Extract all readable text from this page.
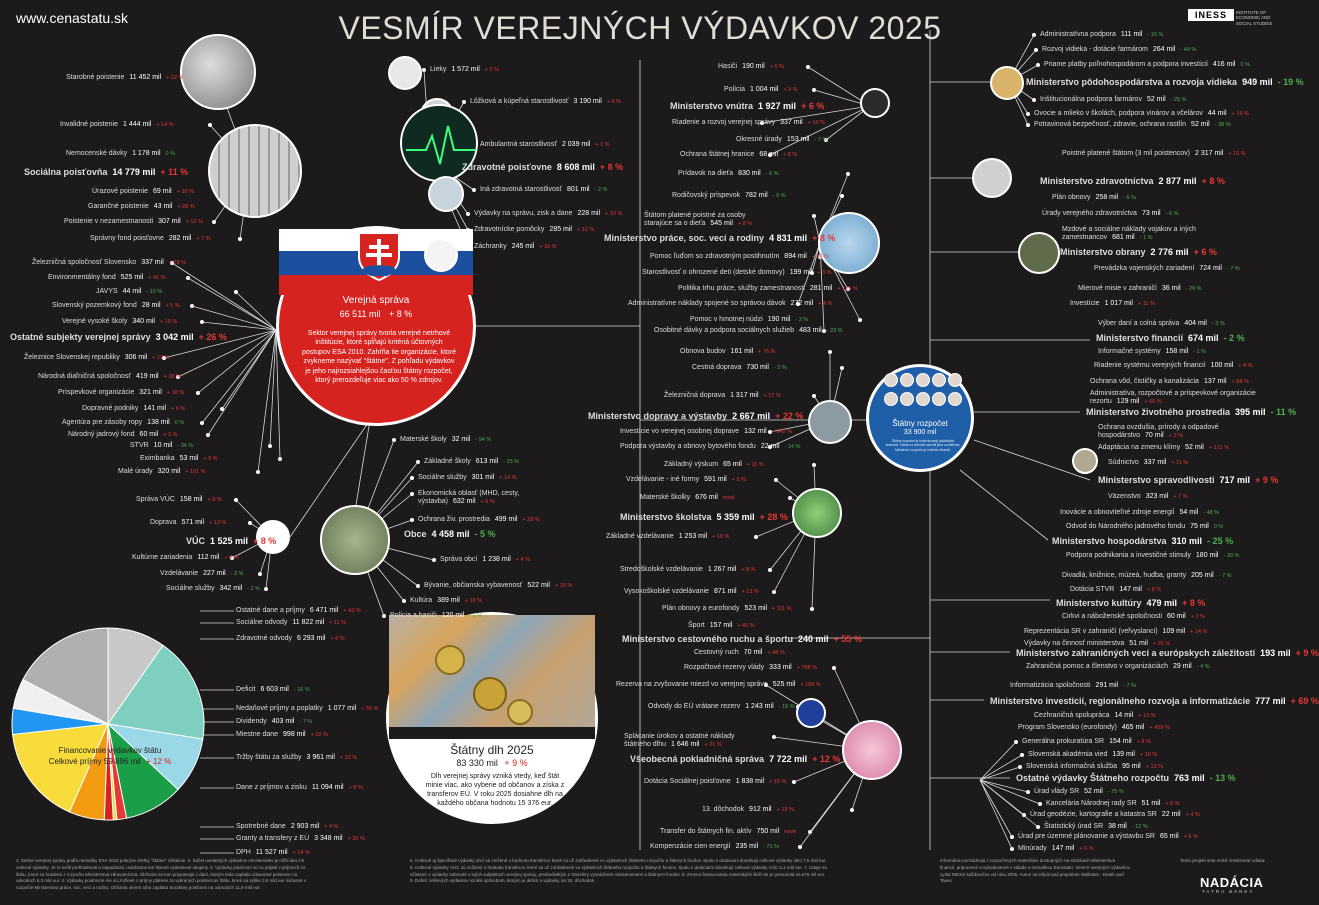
www.cenastatu.sk	VESMÍR VEREJNÝCH VÝDAVKOV 2025	INESS	INSTITUTE OF ECONOMIC AND SOCIAL STUDIES
Verejná správa
66 511 mil + 8 %
Sektor verejnej správy tvoria verejné netrhové inštitúcie, ktoré spĺňajú kritériá účtovných postupov ESA 2010. Zahŕňa tie organizácie, ktoré zvykneme nazývať "štátne". Z pohľadu výdavkov je jeho najrozsiahlejšou časťou štátny rozpočet, ktorý prerozdeľuje viac ako 50 % zdrojov.
Štátny rozpočet
33 900 mil
Štátny rozpočet je kontrolovaný politickými stranami. Vláda na schôdzi schváli jeho rozdelenie. Ministrom rozpočtu je minister financií.
Štátny dlh 2025
83 330 mil + 9 %
Dlh verejnej správy vzniká vtedy, keď štát minie viac, ako vyberie od občanov a získa z transferov EÚ. V roku 2025 dosiahne dlh na každého občana hodnotu 15 376 eur.
Financovanie výdavkov štátu
Celkové príjmy 59 896 mil + 12 %
Starobné poistenie 11 452 mil + 12 %
Invalidné poistenie 1 444 mil + 14 %
Nemocenské dávky 1 178 mil 0 %
Úrazové poistenie 69 mil + 10 %
Garančné poistenie 43 mil + 28 %
Poistenie v nezamestnanosti 307 mil + 12 %
Správny fond poisťovne 282 mil + 7 %
Sociálna poisťovňa 14 779 mil + 11 %
Lieky 1 572 mil + 5 %
Lôžková a kúpeľná starostlivosť 3 190 mil + 8 %
Ambulantná starostlivosť 2 039 mil + 1 %
Iná zdravotná starostlivosť 801 mil - 2 %
Výdavky na správu, zisk a dane 228 mil + 10 %
Zdravotnícke pomôcky 285 mil + 12 %
Záchranky 245 mil + 16 %
Zdravotné poisťovne 8 608 mil + 8 %
Železničná spoločnosť Slovensko 337 mil + 28 %
Environmentálny fond 525 mil + 41 %
JAVYS 44 mil - 10 %
Slovenský pozemkový fond 28 mil + 5 %
Verejné vysoké školy 340 mil + 10 %
Železnice Slovenskej republiky 306 mil + 12 %
Národná diaľničná spoločnosť 419 mil + 28 %
Príspevkové organizácie 321 mil + 18 %
Dopravné podniky 141 mil + 6 %
Agentúra pre zásoby ropy 138 mil 0 %
Národný jadrový fond 60 mil + 2 %
STVR 10 mil - 34 %
Eximbanka 53 mil + 3 %
Malé úrady 320 mil + 101 %
Ostatné subjekty verejnej správy 3 042 mil + 26 %
Správa VÚC 158 mil + 8 %
Doprava 571 mil + 13 %
Kultúrne zariadenia 112 mil + 8 %
Vzdelávanie 227 mil - 2 %
Sociálne služby 342 mil - 2 %
VÚC 1 525 mil + 8 %
Materské školy 32 mil - 94 %
Základné školy 613 mil - 25 %
Sociálne služby 301 mil + 14 %
Ekonomická oblasť (MHD, cesty, výstavba) 632 mil + 6 %
Ochrana živ. prostredia 499 mil + 28 %
Správa obcí 1 238 mil + 4 %
Bývanie, občianska vybavenosť 522 mil + 15 %
Kultúra 389 mil + 18 %
Polícia a hasiči 120 mil - 2 %
Obce 4 458 mil - 5 %
Ostatné dane a príjmy 6 471 mil + 43 %
Sociálne odvody 11 822 mil + 11 %
Zdravotné odvody 6 293 mil + 6 %
Deficit 6 603 mil - 16 %
Nedaňové príjmy a poplatky 1 077 mil + 55 %
Dividendy 403 mil - 7 %
Miestne dane 998 mil + 22 %
Tržby štátu za služby 3 961 mil + 32 %
Dane z príjmov a zisku 11 094 mil + 8 %
Spotrebné dane 2 903 mil + 4 %
Granty a transfery z EÚ 3 348 mil + 36 %
DPH 11 527 mil + 14 %
Hasiči 190 mil + 6 %
Polícia 1 004 mil + 3 %
Riadenie a rozvoj verejnej správy 337 mil + 10 %
Okresné úrady 153 mil - 7 %
Ochrana štátnej hranice 68 mil + 8 %
Ministerstvo vnútra 1 927 mil + 6 %
Prídavok na dieťa 830 mil - 6 %
Rodičovský príspevok 782 mil - 9 %
Štátom platené poistné za osoby starajúce sa o dieťa 545 mil + 8 %
Pomoc ľuďom so zdravotným postihnutím 894 mil + 16 %
Starostlivosť o ohrozené deti (detské domovy) 199 mil + 3 %
Politika trhu práce, služby zamestnanosti 281 mil + 125 %
Administratívne náklady spojené so správou dávok 272 mil + 4 %
Pomoc v hmotnej núdzi 190 mil - 3 %
Osobitné dávky a podpora sociálnych služieb 483 mil - 23 %
Ministerstvo práce, soc. vecí a rodiny 4 831 mil + 8 %
Obnova budov 161 mil + 76 %
Cestná doprava 730 mil - 2 %
Železničná doprava 1 317 mil + 17 %
Investície vo verejnej osobnej doprave 132 mil + 642 %
Podpora výstavby a obnovy bytového fondu 22 mil - 14 %
Ministerstvo dopravy a výstavby 2 667 mil + 22 %
Základný výskum 65 mil + 11 %
Vzdelávanie - iné formy 591 mil + 5 %
Materské školky 676 mil nové
Základné vzdelávanie 1 253 mil + 10 %
Stredoškolské vzdelávanie 1 267 mil + 8 %
Vysokoškolské vzdelávanie 871 mil + 13 %
Plán obnovy a eurofondy 523 mil + 111 %
Ministerstvo školstva 5 359 mil + 28 %
Šport 157 mil + 45 %
Cestovný ruch 70 mil + 48 %
Ministerstvo cestovného ruchu a športu 240 mil + 55 %
Rozpočtové rezervy vlády 333 mil + 788 %
Rezerva na zvyšovanie miezd vo verejnej správe 525 mil + 189 %
Odvody do EÚ vrátane rezerv 1 243 mil - 19 %
Splácanie úrokov a ostatné náklady štátneho dlhu 1 646 mil + 21 %
Dotácia Sociálnej poisťovne 1 838 mil + 15 %
13. dôchodok 912 mil + 13 %
Transfer do štátnych fin. aktív 750 mil nové
Kompenzácie cien energií 235 mil - 71 %
Všeobecná pokladničná správa 7 722 mil + 12 %
Administratívna podpora 111 mil - 15 %
Rozvoj vidieka - dotácie farmárom 264 mil - 44 %
Priame platby poľnohospodárom a podpora investícií 416 mil 0 %
Inštitucionálna podpora farmárov 52 mil - 25 %
Ovocie a mlieko v školách, podpora vinárov a včelárov 44 mil + 19 %
Potravinová bezpečnosť, zdravie, ochrana rastlín 52 mil - 38 %
Ministerstvo pôdohospodárstva a rozvoja vidieka 949 mil - 19 %
Poistné platené štátom (3 mil poistencov) 2 317 mil + 10 %
Plán obnovy 258 mil - 6 %
Úrady verejného zdravotníctva 73 mil - 6 %
Ministerstvo zdravotníctva 2 877 mil + 8 %
Mzdové a sociálne náklady vojakov a iných zamestnancov 681 mil - 1 %
Prevádzka vojenských zariadení 724 mil - 7 %
Mierové misie v zahraničí 36 mil - 29 %
Investície 1 017 mil + 11 %
Ministerstvo obrany 2 776 mil + 6 %
Výber daní a colná správa 404 mil - 3 %
Informačné systémy 158 mil - 1 %
Riadenie systému verejných financií 100 mil + 4 %
Ministerstvo financií 674 mil - 2 %
Ochrana vôd, čističky a kanalizácia 137 mil + 88 %
Administratíva, rozpočtové a príspevkové organizácie rezortu 129 mil + 60 %
Ochrana ovzdušia, prírody a odpadové hospodárstvo 70 mil + 2 %
Adaptácia na zmenu klímy 52 mil + 121 %
Ministerstvo životného prostredia 395 mil - 11 %
Súdnictvo 337 mil + 11 %
Väzenstvo 323 mil + 7 %
Ministerstvo spravodlivosti 717 mil + 9 %
Inovácie a obnoviteľné zdroje energií 54 mil - 48 %
Odvod do Národného jadrového fondu 75 mil 0 %
Podpora podnikania a investičné stimuly 180 mil - 39 %
Ministerstvo hospodárstva 310 mil - 25 %
Divadlá, knižnice, múzeá, hudba, granty 205 mil - 7 %
Dotácia STVR 147 mil + 8 %
Cirkvi a náboženské spoločnosti 60 mil + 2 %
Ministerstvo kultúry 479 mil + 8 %
Reprezentácia SR v zahraničí (veľvyslanci) 109 mil + 14 %
Výdavky na činnosť ministerstva 51 mil + 25 %
Zahraničná pomoc a členstvo v organizáciách 29 mil - 4 %
Ministerstvo zahraničných vecí a európskych záležitostí 193 mil + 9 %
Informatizácia spoločnosti 291 mil - 7 %
Cezhraničná spolupráca 14 mil + 13 %
Program Slovensko (eurofondy) 465 mil + 459 %
Ministerstvo investícií, regionálneho rozvoja a informatizácie 777 mil + 69 %
Generálna prokuratúra SR 154 mil + 8 %
Slovenská akadémia vied 139 mil + 10 %
Slovenská informačná služba 95 mil + 13 %
Úrad vlády SR 52 mil - 75 %
Kancelária Národnej rady SR 51 mil + 6 %
Úrad geodézie, kartografie a katastra SR 22 mil + 4 %
Štatistický úrad SR 38 mil - 12 %
Úrad pre územné plánovanie a výstavbu SR 65 mil + 6 %
Minúrady 147 mil + 6 %
Ostatné výdavky Štátneho rozpočtu 763 mil - 13 %
1. Sektor verejnej správy podľa metodiky ESA 2010 pokrýva všetky "štátne" inštitúcie. 2. Súčet uvedených výdavkov ministerstiev je nižší ako ich celkové výdavky. Je to kvôli prehľadnosti a nápaditosti, uvádzame len hlavné výdavkové skupiny. 3. Výdavky poisťovní sú vo prijaté v príjmoch zo štátu, ktoré sú hradené z rozpočtu Ministerstva zdravotníctva. Občania na tom prispievajú z daní, ktorým teda zaplatia zdravotné poistenie na odvodoch 6,3 mld eur. 4. Výdavky poisťovne nie sú znížené o príjmy platené za vybraných poistencov štátu, ktoré sú výške 3,6 mld eur súčasne v rozpočte Ministerstva práce, soc. vecí a rodiny. Občania okrem toho zaplatia Sociálnej poisťovni na odvodoch 11,8 mld eur.
5. Celkové aj špecifické výdavky obcí sú znížené o hodnotu transferov, ktoré sú už zohľadnené vo výdavkoch štátneho rozpočtu a štátnych fondov. Spolu s dotáciami dosahujú celkové výdavky obcí 7,5 mld eur. 6. Celkové výdavky VÚC sú znížené o hodnotu transferov, ktoré sú už zohľadnené vo výdavkoch štátneho rozpočtu a štátnych fondov. Spolu s dotáciami dosahujú celkové výdavky VÚC 2,4 mld eur. 7. Údaje sú očistené o výdavky zahrnuté v iných subjektoch verejnej správy, predovšetkým o transfery vynaložené ministerstvami a štátnymi fondmi. 8. Zmena financovania materských škôl nie je presunutá na 676 mil eur. 9. Deficit celkových výdavkov vzniká spôsobom, ktorým je deficit a výdavky na 15. dôchodok.
Informácie pochádzajú z rozpočtových materiálov dostupných na stránkach Ministerstva financií, pripravené a vyhodnotené v súlade s metodikou Eurostatu. Vesmír verejných výdavkov vydal INESS každoročne od roku 2006. Autori sa inšpirovali projektom Wallstats - Death and Taxes
Tento projekt sme mohli zrealizovať vďaka:
NADÁCIA
TATRA BANKY
